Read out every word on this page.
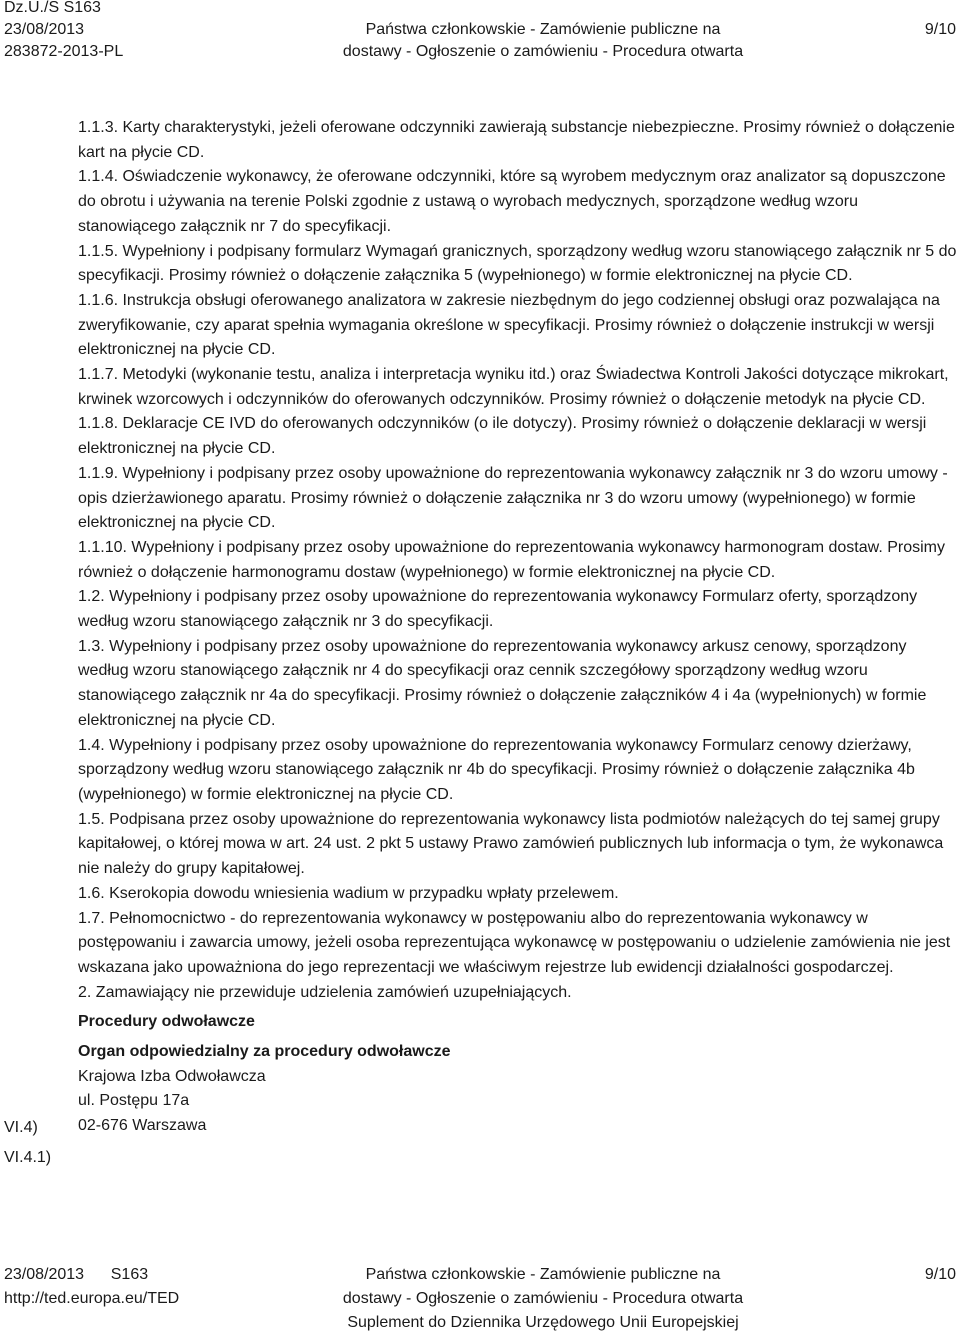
Dz.U./S S163
23/08/2013
283872-2013-PL
Państwa członkowskie - Zamówienie publiczne na
dostawy - Ogłoszenie o zamówieniu - Procedura otwarta
9/10

1.1.3. Karty charakterystyki, jeżeli oferowane odczynniki zawierają substancje niebezpieczne. Prosimy również o dołączenie kart na płycie CD.

1.1.4. Oświadczenie wykonawcy, że oferowane odczynniki, które są wyrobem medycznym oraz analizator są dopuszczone do obrotu i używania na terenie Polski zgodnie z ustawą o wyrobach medycznych, sporządzone według wzoru stanowiącego załącznik nr 7 do specyfikacji.

1.1.5. Wypełniony i podpisany formularz Wymagań granicznych, sporządzony według wzoru stanowiącego załącznik nr 5 do specyfikacji. Prosimy również o dołączenie załącznika 5 (wypełnionego) w formie elektronicznej na płycie CD.

1.1.6. Instrukcja obsługi oferowanego analizatora w zakresie niezbędnym do jego codziennej obsługi oraz pozwalająca na zweryfikowanie, czy aparat spełnia wymagania określone w specyfikacji. Prosimy również o dołączenie instrukcji w wersji elektronicznej na płycie CD.

1.1.7. Metodyki (wykonanie testu, analiza i interpretacja wyniku itd.) oraz Świadectwa Kontroli Jakości dotyczące mikrokart, krwinek wzorcowych i odczynników do oferowanych odczynników. Prosimy również o dołączenie metodyk na płycie CD.

1.1.8. Deklaracje CE IVD do oferowanych odczynników (o ile dotyczy). Prosimy również o dołączenie deklaracji w wersji elektronicznej na płycie CD.

1.1.9. Wypełniony i podpisany przez osoby upoważnione do reprezentowania wykonawcy załącznik nr 3 do wzoru umowy - opis dzierżawionego aparatu. Prosimy również o dołączenie załącznika nr 3 do wzoru umowy (wypełnionego) w formie elektronicznej na płycie CD.

1.1.10. Wypełniony i podpisany przez osoby upoważnione do reprezentowania wykonawcy harmonogram dostaw. Prosimy również o dołączenie harmonogramu dostaw (wypełnionego) w formie elektronicznej na płycie CD.

1.2. Wypełniony i podpisany przez osoby upoważnione do reprezentowania wykonawcy Formularz oferty, sporządzony według wzoru stanowiącego załącznik nr 3 do specyfikacji.

1.3. Wypełniony i podpisany przez osoby upoważnione do reprezentowania wykonawcy arkusz cenowy, sporządzony według wzoru stanowiącego załącznik nr 4 do specyfikacji oraz cennik szczegółowy sporządzony według wzoru stanowiącego załącznik nr 4a do specyfikacji. Prosimy również o dołączenie załączników 4 i 4a (wypełnionych) w formie elektronicznej na płycie CD.

1.4. Wypełniony i podpisany przez osoby upoważnione do reprezentowania wykonawcy Formularz cenowy dzierżawy, sporządzony według wzoru stanowiącego załącznik nr 4b do specyfikacji. Prosimy również o dołączenie załącznika 4b (wypełnionego) w formie elektronicznej na płycie CD.

1.5. Podpisana przez osoby upoważnione do reprezentowania wykonawcy lista podmiotów należących do tej samej grupy kapitałowej, o której mowa w art. 24 ust. 2 pkt 5 ustawy Prawo zamówień publicznych lub informacja o tym, że wykonawca nie należy do grupy kapitałowej.

1.6. Kserokopia dowodu wniesienia wadium w przypadku wpłaty przelewem.

1.7. Pełnomocnictwo - do reprezentowania wykonawcy w postępowaniu albo do reprezentowania wykonawcy w postępowaniu i zawarcia umowy, jeżeli osoba reprezentująca wykonawcę w postępowaniu o udzielenie zamówienia nie jest wskazana jako upoważniona do jego reprezentacji we właściwym rejestrze lub ewidencji działalności gospodarczej.

2. Zamawiający nie przewiduje udzielenia zamówień uzupełniających.

Procedury odwoławcze

Organ odpowiedzialny za procedury odwoławcze

Krajowa Izba Odwoławcza

ul. Postępu 17a

02-676 Warszawa

VI.4)
VI.4.1)
23/08/2013 S163
http://ted.europa.eu/TED
Państwa członkowskie - Zamówienie publiczne na
dostawy - Ogłoszenie o zamówieniu - Procedura otwarta
Suplement do Dziennika Urzędowego Unii Europejskiej
9/10
